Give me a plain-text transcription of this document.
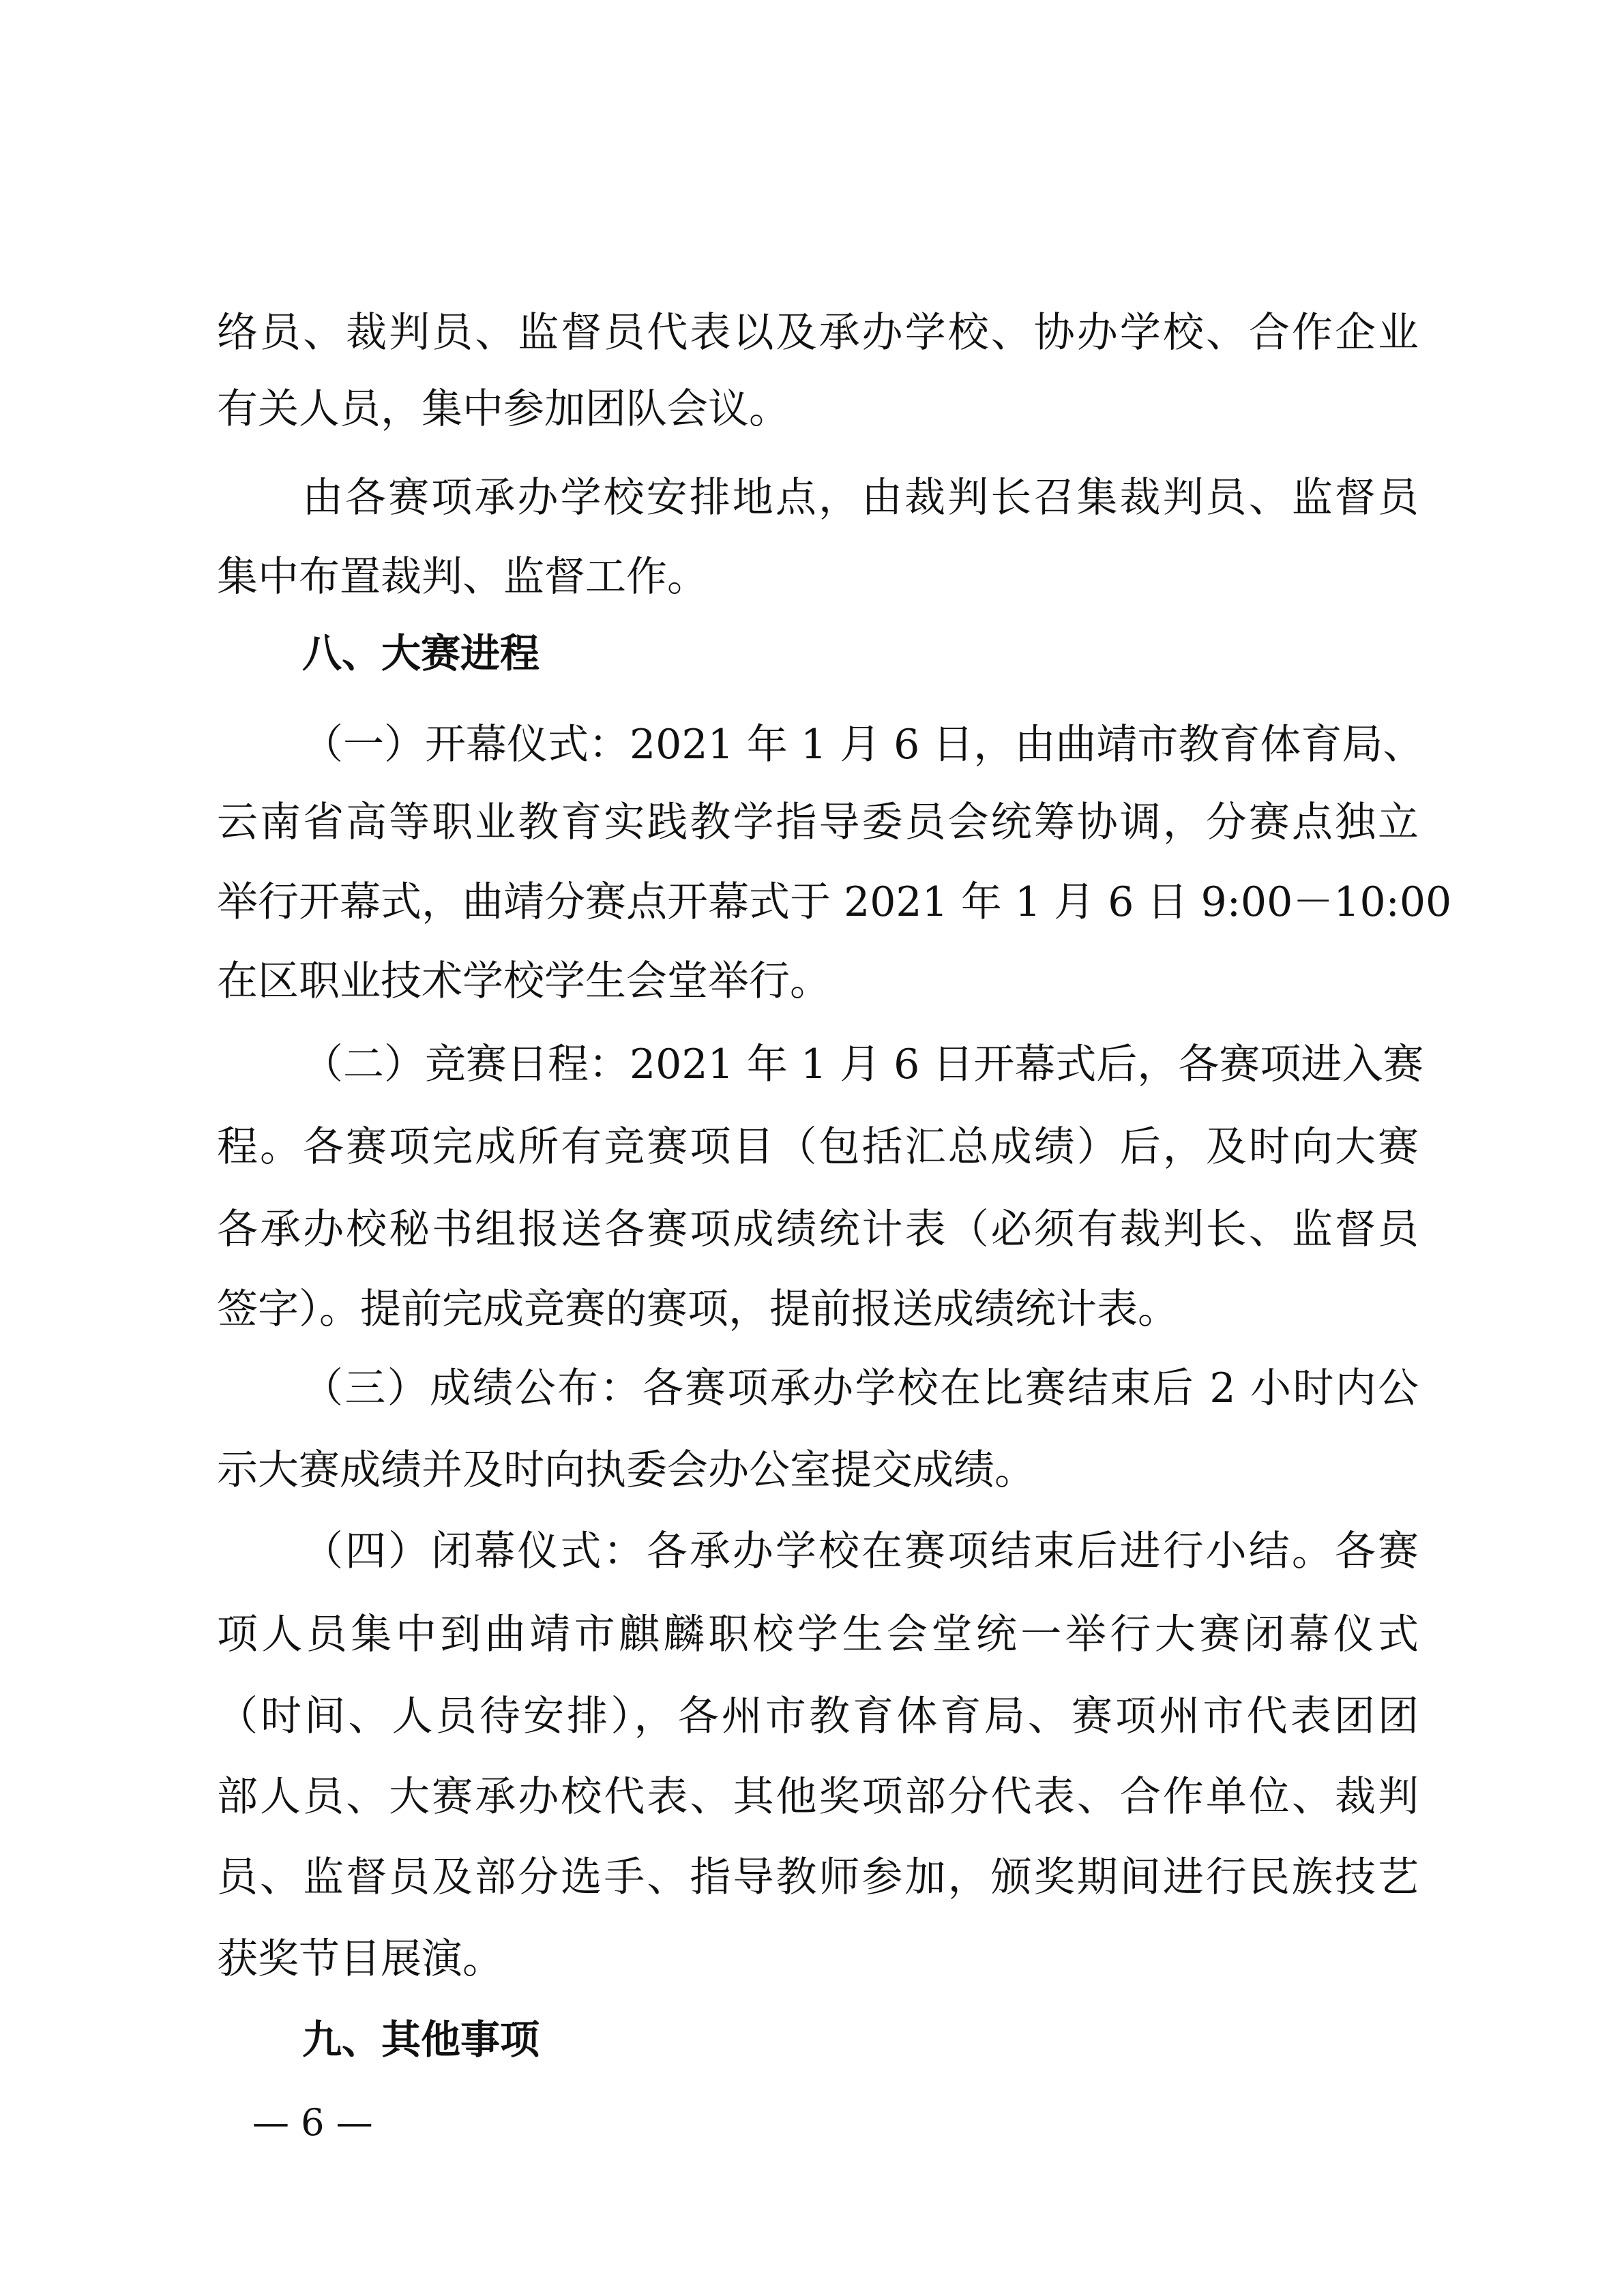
络员、裁判员、监督员代表以及承办学校、协办学校、合作企业
有关人员，集中参加团队会议。
由各赛项承办学校安排地点，由裁判长召集裁判员、监督员
集中布置裁判、监督工作。
八、大赛进程
（一）开幕仪式：2021 年 1 月 6 日，由曲靖市教育体育局、
云南省高等职业教育实践教学指导委员会统筹协调，分赛点独立
举行开幕式，曲靖分赛点开幕式于 2021 年 1 月 6 日 9:00－10:00
在区职业技术学校学生会堂举行。
（二）竞赛日程：2021 年 1 月 6 日开幕式后，各赛项进入赛
程。各赛项完成所有竞赛项目（包括汇总成绩）后，及时向大赛
各承办校秘书组报送各赛项成绩统计表（必须有裁判长、监督员
签字）。提前完成竞赛的赛项，提前报送成绩统计表。
（三）成绩公布：各赛项承办学校在比赛结束后 2 小时内公
示大赛成绩并及时向执委会办公室提交成绩。
（四）闭幕仪式：各承办学校在赛项结束后进行小结。各赛
项人员集中到曲靖市麒麟职校学生会堂统一举行大赛闭幕仪式
（时间、人员待安排），各州市教育体育局、赛项州市代表团团
部人员、大赛承办校代表、其他奖项部分代表、合作单位、裁判
员、监督员及部分选手、指导教师参加，颁奖期间进行民族技艺
获奖节目展演。
九、其他事项
— 6 —
